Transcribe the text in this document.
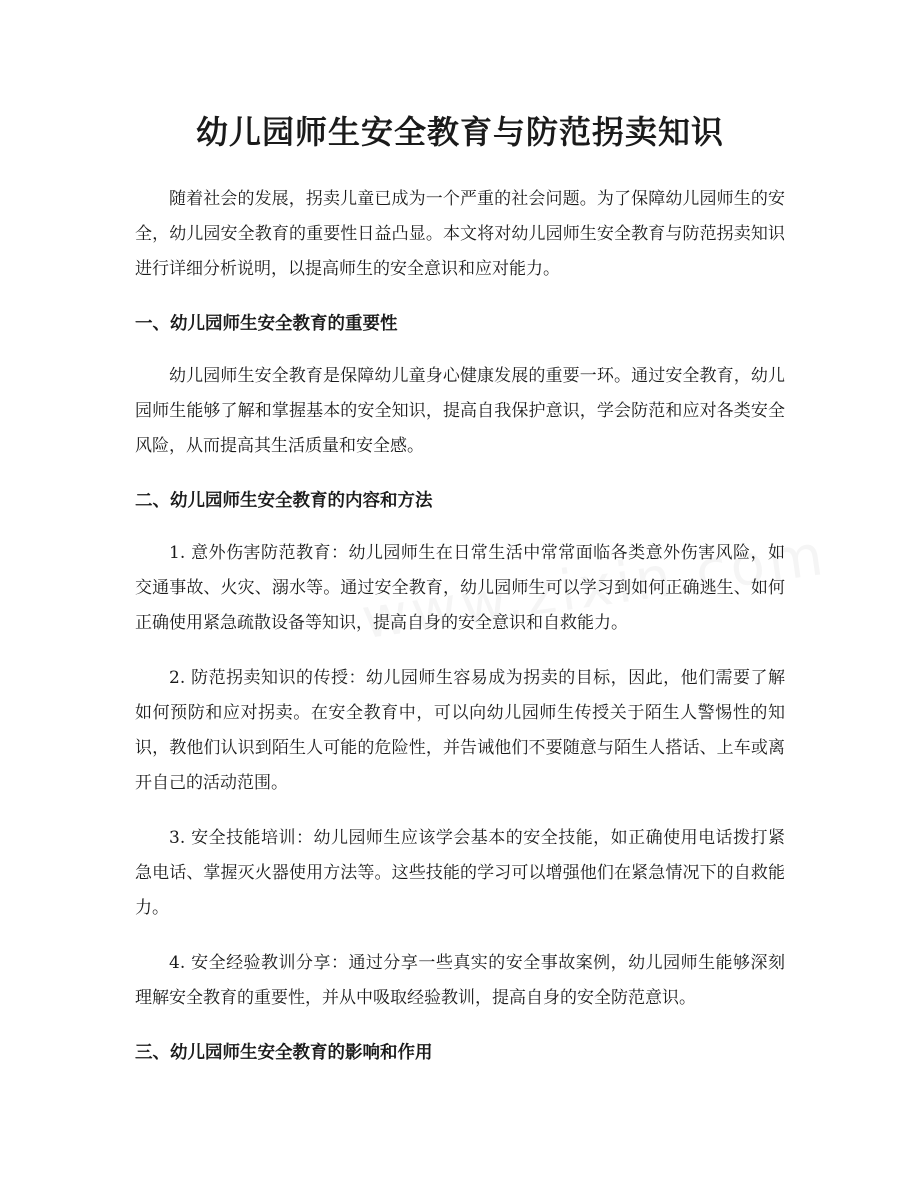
幼儿园师生安全教育与防范拐卖知识

随着社会的发展，拐卖儿童已成为一个严重的社会问题。为了保障幼儿园师生的安全，幼儿园安全教育的重要性日益凸显。本文将对幼儿园师生安全教育与防范拐卖知识进行详细分析说明，以提高师生的安全意识和应对能力。

一、幼儿园师生安全教育的重要性

幼儿园师生安全教育是保障幼儿童身心健康发展的重要一环。通过安全教育，幼儿园师生能够了解和掌握基本的安全知识，提高自我保护意识，学会防范和应对各类安全风险，从而提高其生活质量和安全感。

二、幼儿园师生安全教育的内容和方法

1. 意外伤害防范教育：幼儿园师生在日常生活中常常面临各类意外伤害风险，如交通事故、火灾、溺水等。通过安全教育，幼儿园师生可以学习到如何正确逃生、如何正确使用紧急疏散设备等知识，提高自身的安全意识和自救能力。

2. 防范拐卖知识的传授：幼儿园师生容易成为拐卖的目标，因此，他们需要了解如何预防和应对拐卖。在安全教育中，可以向幼儿园师生传授关于陌生人警惕性的知识，教他们认识到陌生人可能的危险性，并告诫他们不要随意与陌生人搭话、上车或离开自己的活动范围。

3. 安全技能培训：幼儿园师生应该学会基本的安全技能，如正确使用电话拨打紧急电话、掌握灭火器使用方法等。这些技能的学习可以增强他们在紧急情况下的自救能力。

4. 安全经验教训分享：通过分享一些真实的安全事故案例，幼儿园师生能够深刻理解安全教育的重要性，并从中吸取经验教训，提高自身的安全防范意识。

三、幼儿园师生安全教育的影响和作用
